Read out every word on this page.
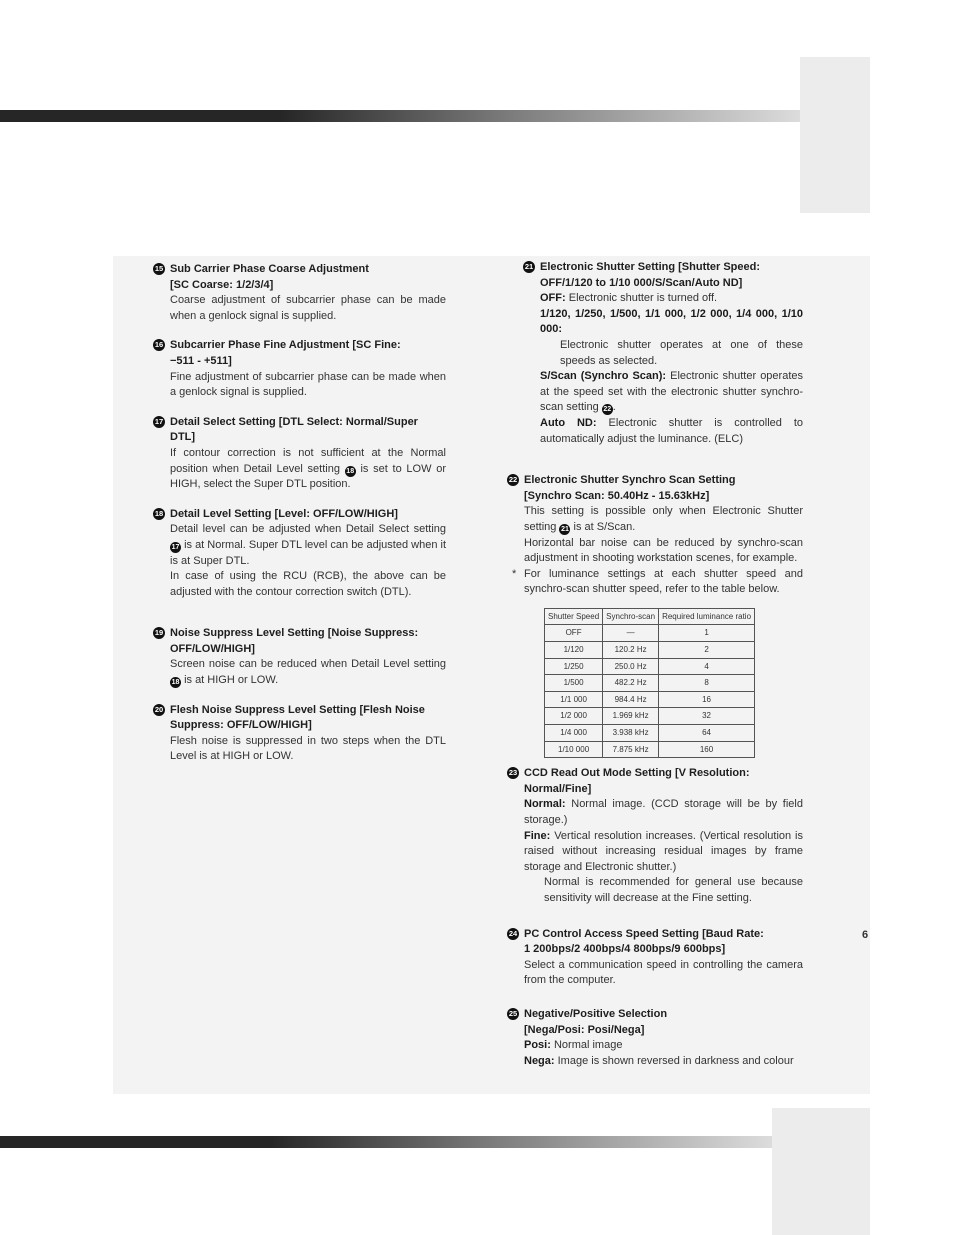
15 Sub Carrier Phase Coarse Adjustment
[SC Coarse: 1/2/3/4]
Coarse adjustment of subcarrier phase can be made when a genlock signal is supplied.
16 Subcarrier Phase Fine Adjustment [SC Fine:
−511 - +511]
Fine adjustment of subcarrier phase can be made when a genlock signal is supplied.
17 Detail Select Setting [DTL Select: Normal/Super
DTL]
If contour correction is not sufficient at the Normal position when Detail Level setting 18 is set to LOW or HIGH, select the Super DTL position.
18 Detail Level Setting [Level: OFF/LOW/HIGH]
Detail level can be adjusted when Detail Select setting 17 is at Normal. Super DTL level can be adjusted when it is at Super DTL.
In case of using the RCU (RCB), the above can be adjusted with the contour correction switch (DTL).
19 Noise Suppress Level Setting [Noise Suppress:
OFF/LOW/HIGH]
Screen noise can be reduced when Detail Level setting 18 is at HIGH or LOW.
20 Flesh Noise Suppress Level Setting [Flesh Noise
Suppress: OFF/LOW/HIGH]
Flesh noise is suppressed in two steps when the DTL Level is at HIGH or LOW.
21 Electronic Shutter Setting [Shutter Speed:
OFF/1/120 to 1/10 000/S/Scan/Auto ND]
OFF: Electronic shutter is turned off.
1/120, 1/250, 1/500, 1/1 000, 1/2 000, 1/4 000, 1/10 000:
Electronic shutter operates at one of these speeds as selected.
S/Scan (Synchro Scan): Electronic shutter operates at the speed set with the electronic shutter synchro-scan setting 22 .
Auto ND: Electronic shutter is controlled to automatically adjust the luminance. (ELC)
22 Electronic Shutter Synchro Scan Setting
[Synchro Scan: 50.40Hz - 15.63kHz]
This setting is possible only when Electronic Shutter setting 21 is at S/Scan.
Horizontal bar noise can be reduced by synchro-scan adjustment in shooting workstation scenes, for example.
* For luminance settings at each shutter speed and synchro-scan shutter speed, refer to the table below.
Shutter Speed	Synchro-scan	Required luminance ratio
OFF	—	1
1/120	120.2 Hz	2
1/250	250.0 Hz	4
1/500	482.2 Hz	8
1/1 000	984.4 Hz	16
1/2 000	1.969 kHz	32
1/4 000	3.938 kHz	64
1/10 000	7.875 kHz	160
23 CCD Read Out Mode Setting [V Resolution:
Normal/Fine]
Normal: Normal image. (CCD storage will be by field storage.)
Fine: Vertical resolution increases. (Vertical resolution is raised without increasing residual images by frame storage and Electronic shutter.)
Normal is recommended for general use because sensitivity will decrease at the Fine setting.
24 PC Control Access Speed Setting [Baud Rate:
1 200bps/2 400bps/4 800bps/9 600bps]
Select a communication speed in controlling the camera from the computer.
25 Negative/Positive Selection
[Nega/Posi: Posi/Nega]
Posi: Normal image
Nega: Image is shown reversed in darkness and colour
6
